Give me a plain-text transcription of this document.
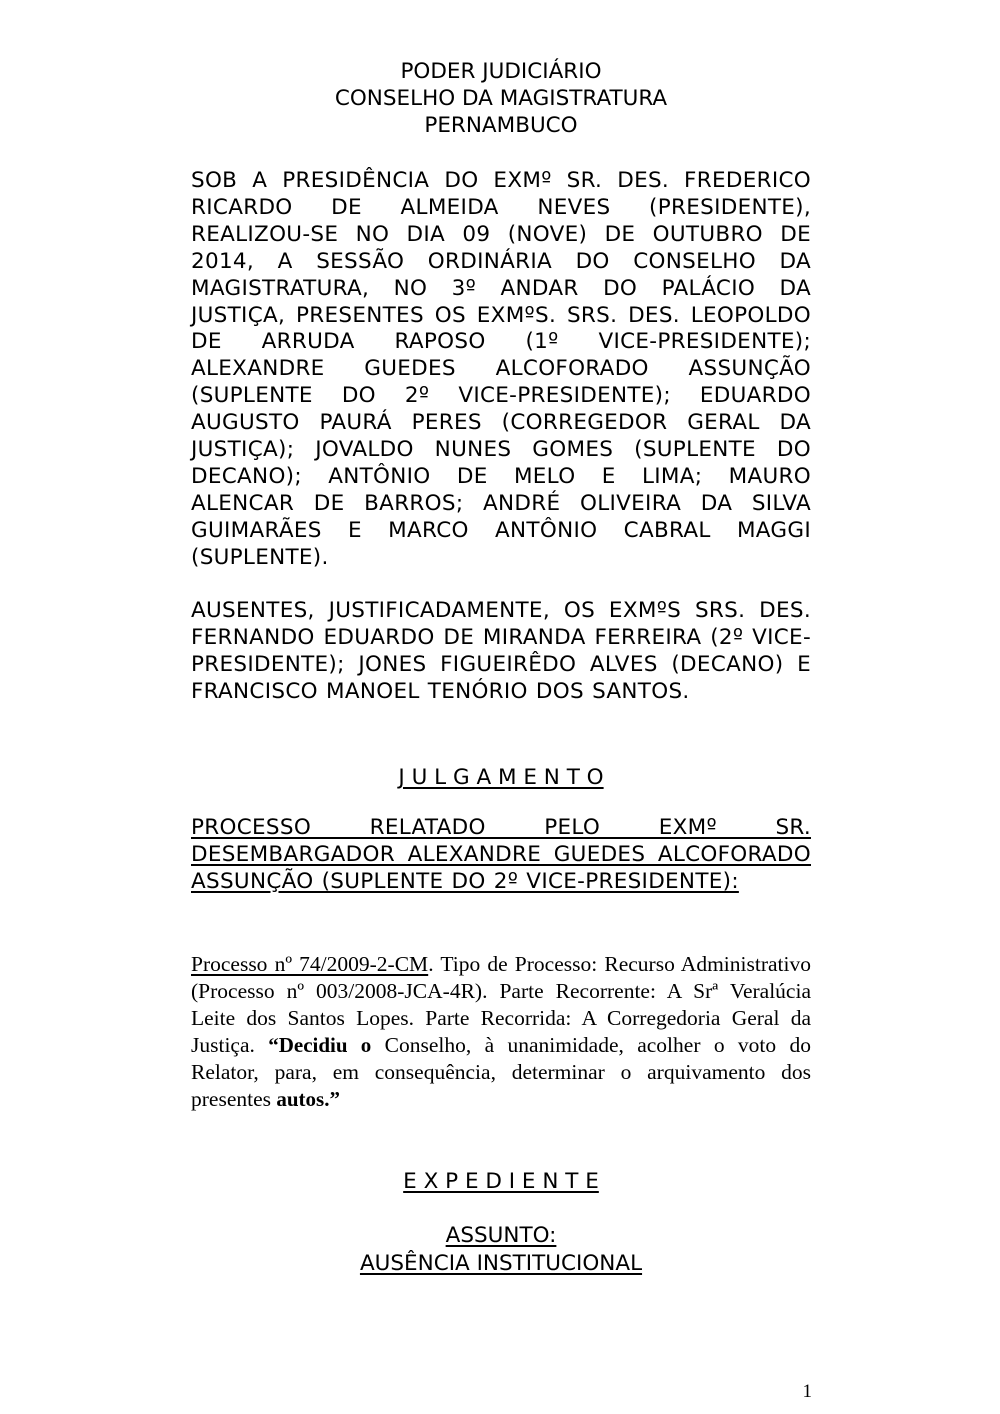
PODER JUDICIÁRIO
CONSELHO DA MAGISTRATURA
PERNAMBUCO
SOB A PRESIDÊNCIA DO EXMº SR. DES. FREDERICO RICARDO DE ALMEIDA NEVES (PRESIDENTE), REALIZOU-SE NO DIA 09 (NOVE) DE OUTUBRO DE 2014, A SESSÃO ORDINÁRIA DO CONSELHO DA MAGISTRATURA, NO 3º ANDAR DO PALÁCIO DA JUSTIÇA, PRESENTES OS EXMºS. SRS. DES. LEOPOLDO DE ARRUDA RAPOSO (1º VICE-PRESIDENTE); ALEXANDRE GUEDES ALCOFORADO ASSUNÇÃO (SUPLENTE DO 2º VICE-PRESIDENTE); EDUARDO AUGUSTO PAURÁ PERES (CORREGEDOR GERAL DA JUSTIÇA); JOVALDO NUNES GOMES (SUPLENTE DO DECANO); ANTÔNIO DE MELO E LIMA; MAURO ALENCAR DE BARROS; ANDRÉ OLIVEIRA DA SILVA GUIMARÃES E MARCO ANTÔNIO CABRAL MAGGI (SUPLENTE).
AUSENTES, JUSTIFICADAMENTE, OS EXMºS SRS. DES. FERNANDO EDUARDO DE MIRANDA FERREIRA (2º VICE-PRESIDENTE); JONES FIGUEIRÊDO ALVES (DECANO) E FRANCISCO MANOEL TENÓRIO DOS SANTOS.
J U L G A M E N T O
PROCESSO RELATADO PELO EXMº SR. DESEMBARGADOR ALEXANDRE GUEDES ALCOFORADO ASSUNÇÃO (SUPLENTE DO 2º VICE-PRESIDENTE):
Processo nº 74/2009-2-CM. Tipo de Processo: Recurso Administrativo (Processo nº 003/2008-JCA-4R). Parte Recorrente: A Srª Veralúcia Leite dos Santos Lopes. Parte Recorrida: A Corregedoria Geral da Justiça. “Decidiu o Conselho, à unanimidade, acolher o voto do Relator, para, em consequência, determinar o arquivamento dos presentes autos.”
E X P E D I E N T E
ASSUNTO:
AUSÊNCIA INSTITUCIONAL
1
